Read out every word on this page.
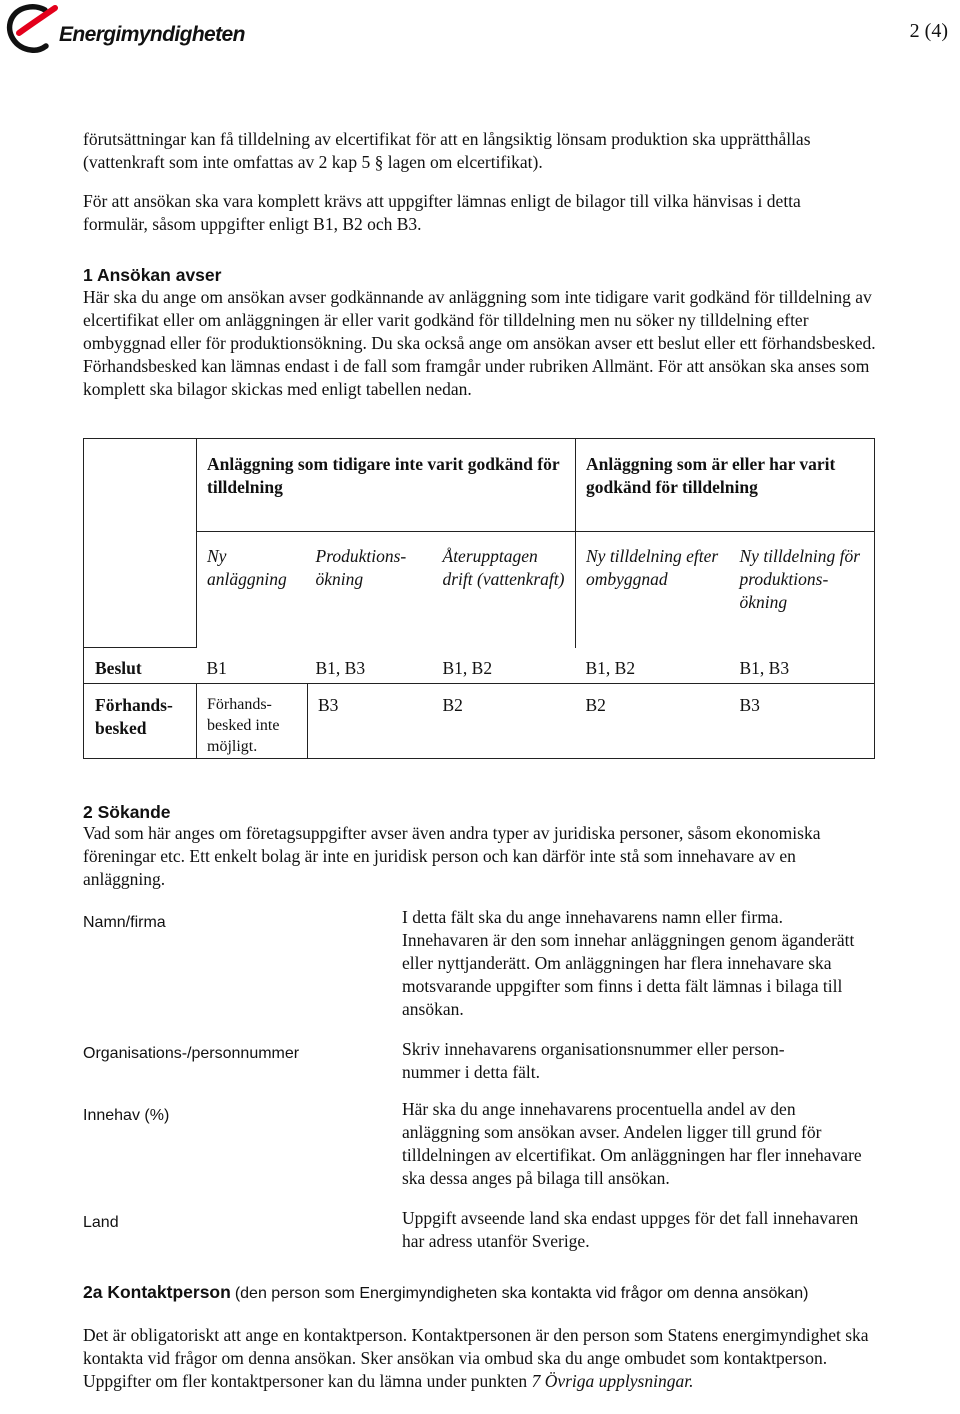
Energimyndigheten	2 (4)

förutsättningar kan få tilldelning av elcertifikat för att en långsiktig lönsam produktion ska upprätthållas (vattenkraft som inte omfattas av 2 kap 5 § lagen om elcertifikat).

För att ansökan ska vara komplett krävs att uppgifter lämnas enligt de bilagor till vilka hänvisas i detta formulär, såsom uppgifter enligt B1, B2 och B3.

1 Ansökan avser

Här ska du ange om ansökan avser godkännande av anläggning som inte tidigare varit godkänd för tilldelning av elcertifikat eller om anläggningen är eller varit godkänd för tilldelning men nu söker ny tilldelning efter ombyggnad eller för produktionsökning. Du ska också ange om ansökan avser ett beslut eller ett förhandsbesked. Förhandsbesked kan lämnas endast i de fall som framgår under rubriken Allmänt. För att ansökan ska anses som komplett ska bilagor skickas med enligt tabellen nedan.

	Anläggning som tidigare inte varit godkänd för tilldelning			Anläggning som är eller har varit godkänd för tilldelning	
	Ny anläggning	Produktions-ökning	Återupptagen drift (vattenkraft)	Ny tilldelning efter ombyggnad	Ny tilldelning för produktions-ökning
Beslut	B1	B1, B3	B1, B2	B1, B2	B1, B3
Förhands-besked	Förhands-besked inte möjligt.	B3	B2	B2	B3
2 Sökande

Vad som här anges om företagsuppgifter avser även andra typer av juridiska personer, såsom ekonomiska föreningar etc. Ett enkelt bolag är inte en juridisk person och kan därför inte stå som innehavare av en anläggning.

Namn/firma	I detta fält ska du ange innehavarens namn eller firma. Innehavaren är den som innehar anläggningen genom äganderätt eller nyttjanderätt. Om anläggningen har flera innehavare ska motsvarande uppgifter som finns i detta fält lämnas i bilaga till ansökan.

Organisations-/personnummer	Skriv innehavarens organisationsnummer eller person-nummer i detta fält.

Innehav (%)	Här ska du ange innehavarens procentuella andel av den anläggning som ansökan avser. Andelen ligger till grund för tilldelningen av elcertifikat. Om anläggningen har fler innehavare ska dessa anges på bilaga till ansökan.

Land	Uppgift avseende land ska endast uppges för det fall innehavaren har adress utanför Sverige.

2a Kontaktperson (den person som Energimyndigheten ska kontakta vid frågor om denna ansökan)

Det är obligatoriskt att ange en kontaktperson. Kontaktpersonen är den person som Statens energimyndighet ska kontakta vid frågor om denna ansökan. Sker ansökan via ombud ska du ange ombudet som kontaktperson. Uppgifter om fler kontaktpersoner kan du lämna under punkten 7 Övriga upplysningar.
